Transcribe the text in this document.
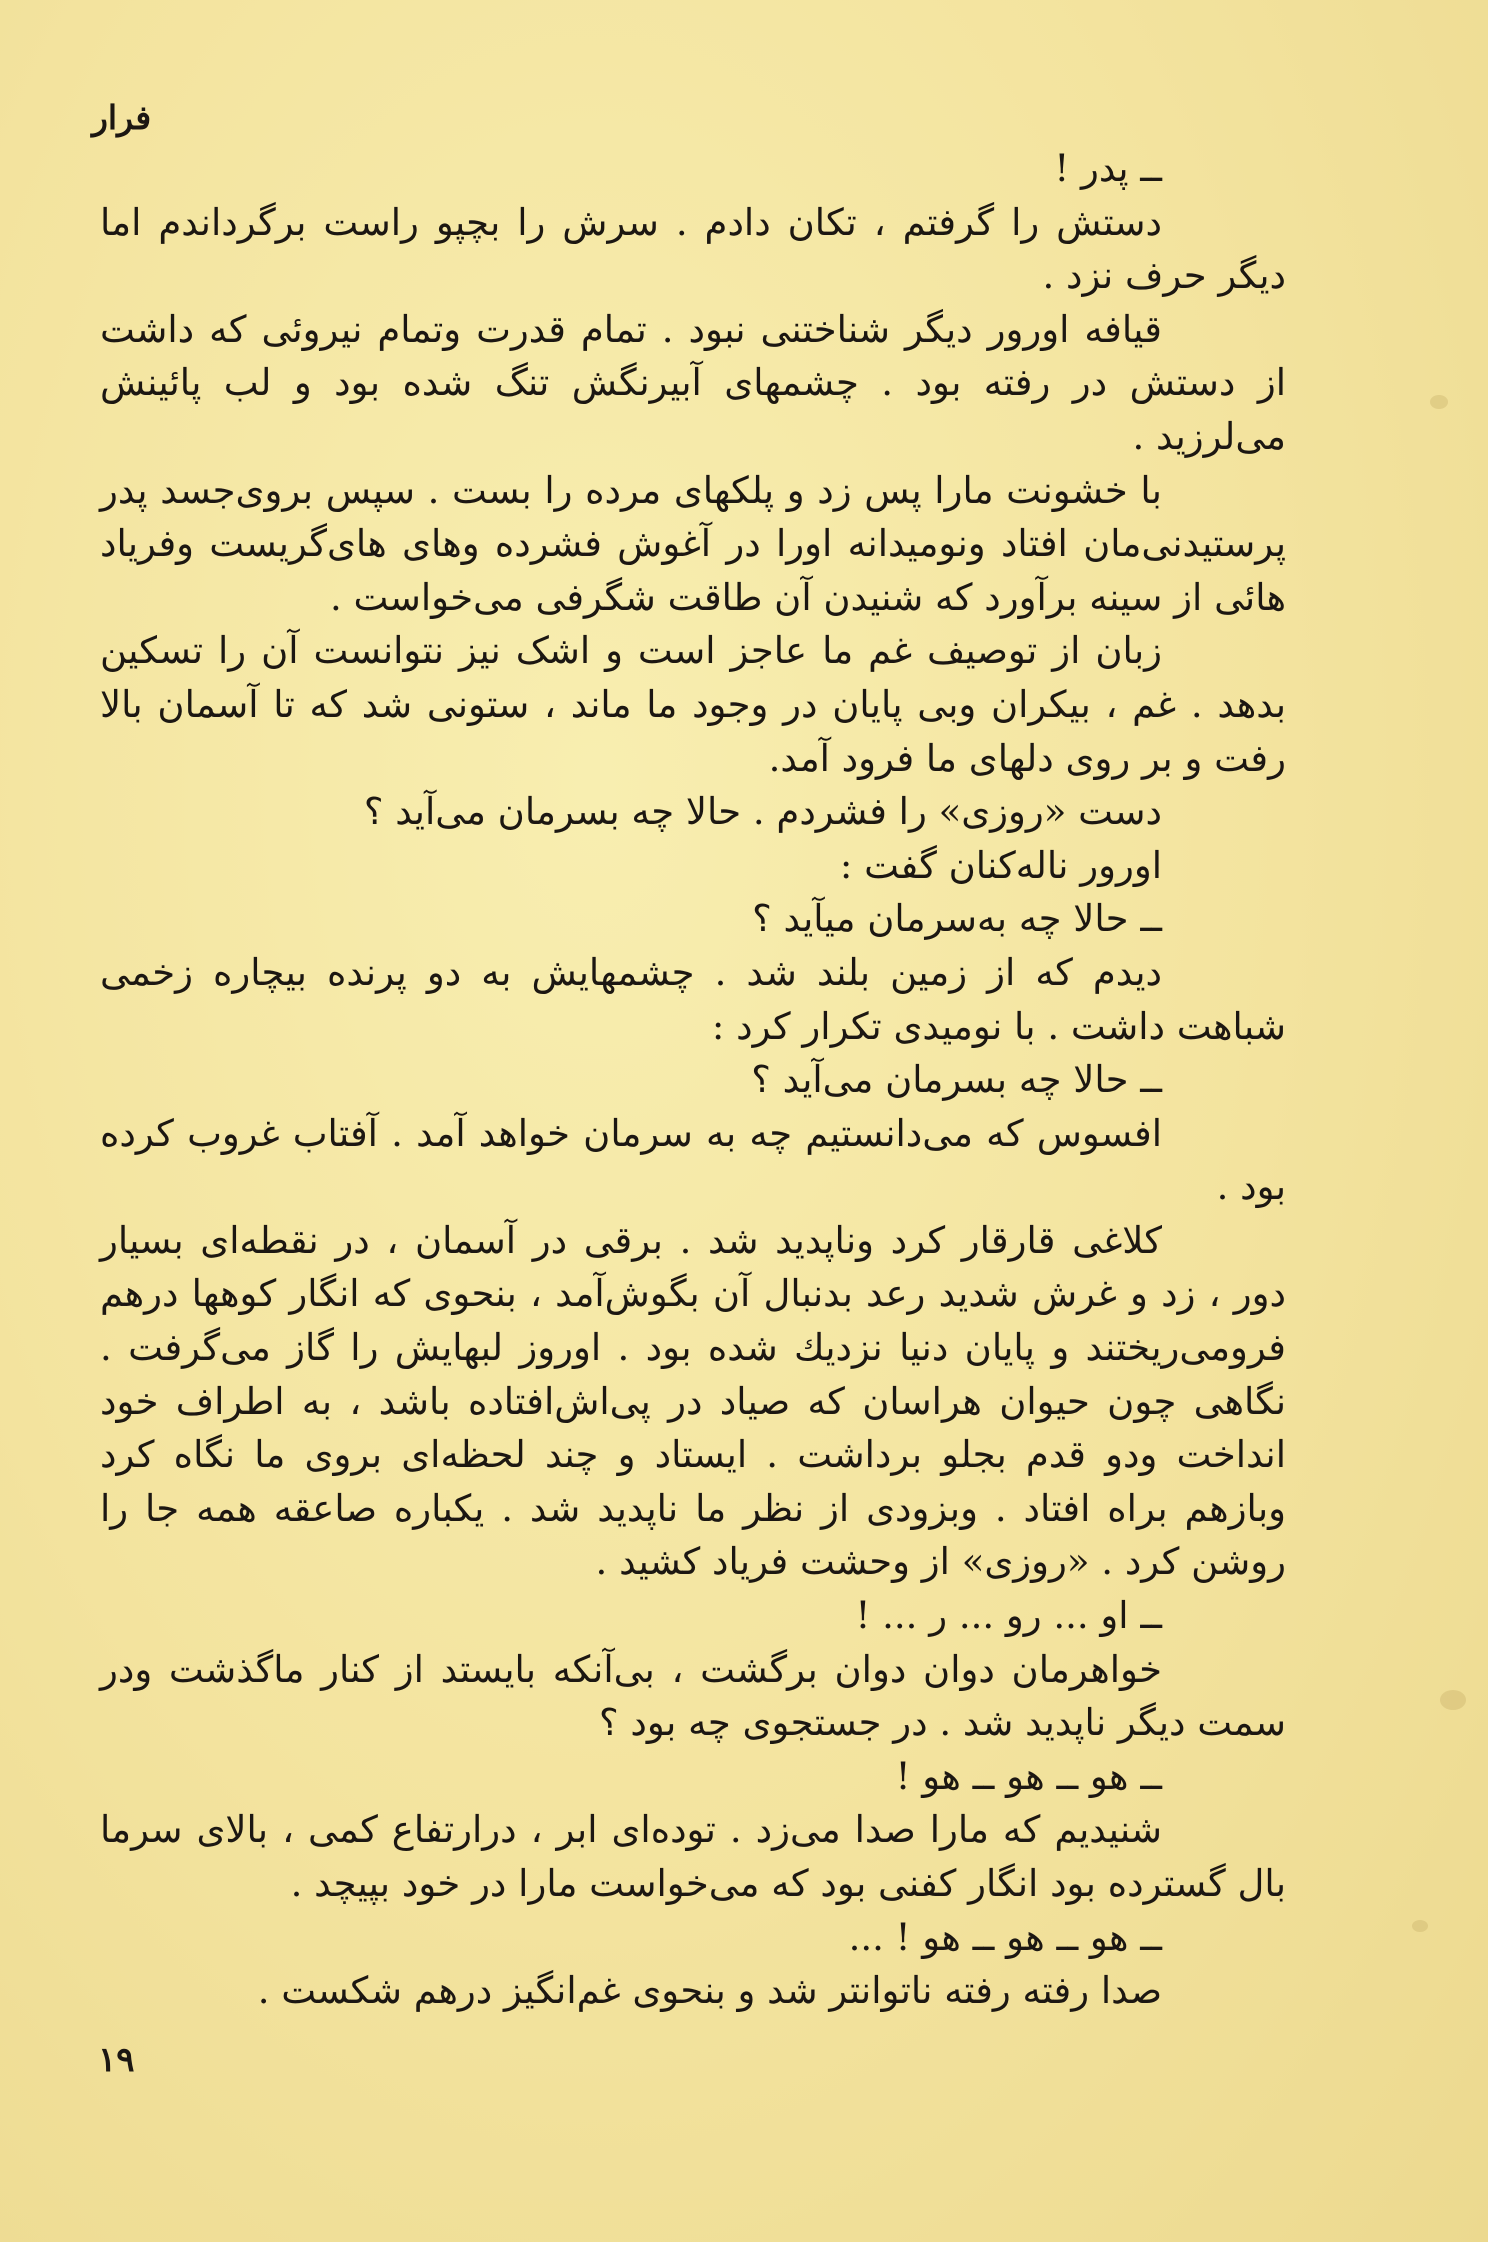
فرار

ــ پدر !

دستش را گرفتم ، تکان دادم . سرش را بچپو راست برگرداندم اما دیگر حرف نزد .

قیافه اورور دیگر شناختنی نبود . تمام قدرت وتمام نیروئی که داشت از دستش در رفته بود . چشمهای آبیرنگش تنگ شده بود و لب پائینش می‌لرزید .

با خشونت مارا پس زد و پلکهای مرده را بست . سپس بروی‌جسد پدر پرستیدنی‌مان افتاد ونومیدانه اورا در آغوش فشرده وهای های‌گریست وفریاد هائی از سینه برآورد که شنیدن آن طاقت شگرفی می‌خواست .

زبان از توصیف غم ما عاجز است و اشک نیز نتوانست آن را تسکین بدهد . غم ، بیکران وبی پایان در وجود ما ماند ، ستونی شد که تا آسمان بالا رفت و بر روی دلهای ما فرود آمد.

دست «روزی» را فشردم . حالا چه بسرمان می‌آید ؟

اورور ناله‌کنان گفت :

ــ حالا چه به‌سرمان میآید ؟

دیدم که از زمین بلند شد . چشمهایش به دو پرنده بیچاره زخمی شباهت داشت . با نومیدی تکرار کرد :

ــ حالا چه بسرمان می‌آید ؟

افسوس که می‌دانستیم چه به سرمان خواهد آمد . آفتاب غروب کرده بود .

کلاغی قارقار کرد وناپدید شد . برقی در آسمان ، در نقطه‌ای بسیار دور ، زد و غرش شدید رعد بدنبال آن بگوش‌آمد ، بنحوی که انگار کوهها درهم فرومی‌ریختند و پایان دنیا نزدیك شده بود . اوروز لبهایش را گاز می‌گرفت . نگاهی چون حیوان هراسان که صیاد در پی‌اش‌افتاده باشد ، به اطراف خود انداخت ودو قدم بجلو برداشت . ایستاد و چند لحظه‌ای بروی ما نگاه کرد وبازهم براه افتاد . وبزودی از نظر ما ناپدید شد . یکباره صاعقه همه جا را روشن کرد . «روزی» از وحشت فریاد کشید .

ــ او ... رو ... ر ... !

خواهرمان دوان دوان برگشت ، بی‌آنکه بایستد از کنار ماگذشت ودر سمت دیگر ناپدید شد . در جستجوی چه بود ؟

ــ هو ــ هو ــ هو !

شنیدیم که مارا صدا می‌زد . توده‌ای ابر ، درارتفاع کمی ، بالای سرما بال گسترده بود انگار کفنی بود که می‌خواست مارا در خود بپیچد .

ــ هو ــ هو ــ هو ! ...

صدا رفته رفته ناتوانتر شد و بنحوی غم‌انگیز درهم شکست .

۱۹
